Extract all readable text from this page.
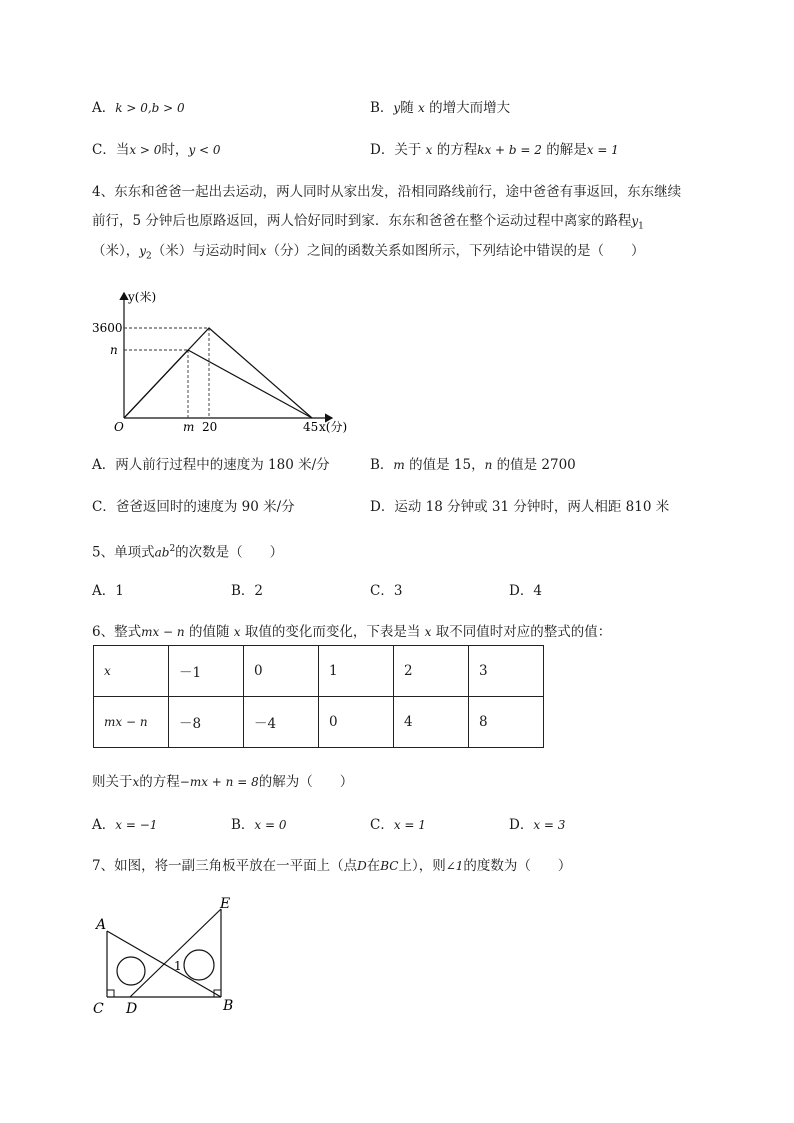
A．k > 0,b > 0	B．y随 x 的增大而增大
C．当x > 0时，y < 0	D．关于 x 的方程kx + b = 2 的解是x = 1
4、东东和爸爸一起出去运动，两人同时从家出发，沿相同路线前行，途中爸爸有事返回，东东继续
前行，5 分钟后也原路返回，两人恰好同时到家．东东和爸爸在整个运动过程中离家的路程$y_1$
（米），$y_2$（米）与运动时间x（分）之间的函数关系如图所示，下列结论中错误的是（　　）
y(米)
3600
n
O	m 20	45 x(分)
A．两人前行过程中的速度为 180 米/分	B．m 的值是 15，n 的值是 2700
C．爸爸返回时的速度为 90 米/分	D．运动 18 分钟或 31 分钟时，两人相距 810 米
5、单项式$ab^2$的次数是（　　）
A．1	B．2	C．3	D．4
6、整式mx − n 的值随 x 取值的变化而变化，下表是当 x 取不同值时对应的整式的值：
x	－1	0	1	2	3
mx − n	－8	－4	0	4	8
则关于x的方程−mx + n = 8的解为（　　）
A．x = −1	B．x = 0	C．x = 1	D．x = 3
7、如图，将一副三角板平放在一平面上（点D在BC上），则∠1的度数为（　　）
A
C D	B
E
1
